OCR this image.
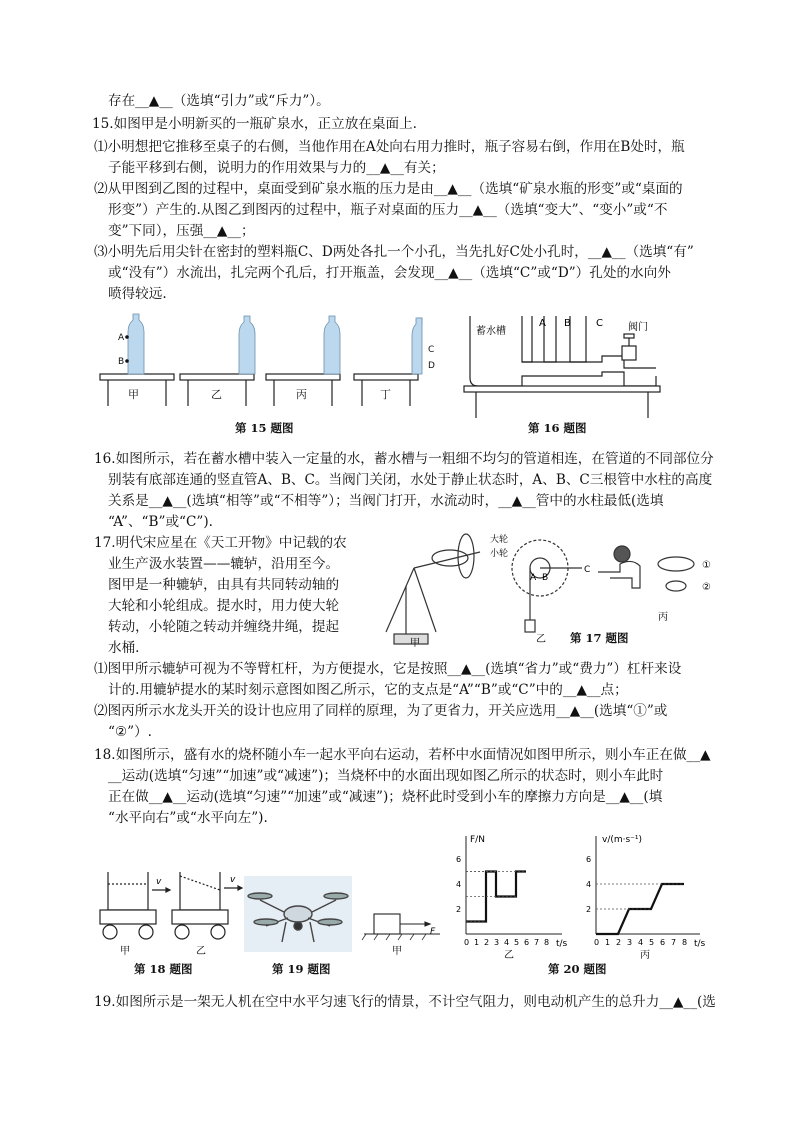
存在__▲__（选填“引力”或“斥力”）。
15.如图甲是小明新买的一瓶矿泉水，正立放在桌面上.
⑴小明想把它推移至桌子的右侧，当他作用在A处向右用力推时，瓶子容易右倒，作用在B处时，瓶
子能平移到右侧，说明力的作用效果与力的__▲__有关；
⑵从甲图到乙图的过程中，桌面受到矿泉水瓶的压力是由__▲__（选填“矿泉水瓶的形变”或“桌面的
形变”）产生的.从图乙到图丙的过程中，瓶子对桌面的压力__▲__（选填“变大”、“变小”或“不
变”下同），压强__▲__；
⑶小明先后用尖针在密封的塑料瓶C、D两处各扎一个小孔，当先扎好C处小孔时，__▲__（选填“有”
或“没有”）水流出，扎完两个孔后，打开瓶盖，会发现__▲__（选填“C”或“D”）孔处的水向外
喷得较远.
A
B
C
D
甲	乙	丙	丁
第 15 题图
蓄水槽
A B	C	阀门
第 16 题图
16.如图所示，若在蓄水槽中装入一定量的水，蓄水槽与一粗细不均匀的管道相连，在管道的不同部位分
别装有底部连通的竖直管A、B、C。当阀门关闭，水处于静止状态时，A、B、C三根管中水柱的高度
关系是__▲__(选填“相等”或“不相等”）；当阀门打开，水流动时，__▲__管中的水柱最低(选填
“A”、“B”或“C”).
17.明代宋应星在《天工开物》中记载的农
业生产汲水装置——辘轳，沿用至今。
图甲是一种辘轳，由具有共同转动轴的
大轮和小轮组成。提水时，用力使大轮
转动，小轮随之转动并缠绕井绳，提起
水桶.
大轮
小轮
A B
C
甲	乙
丙
①
②
第 17 题图
⑴图甲所示辘轳可视为不等臂杠杆，为方便提水，它是按照__▲__(选填“省力”或“费力”）杠杆来设
计的.用辘轳提水的某时刻示意图如图乙所示，它的支点是“A”“B”或“C”中的__▲__点；
⑵图丙所示水龙头开关的设计也应用了同样的原理，为了更省力，开关应选用__▲__(选填“①”或
“②”）.
18.如图所示，盛有水的烧杯随小车一起水平向右运动，若杯中水面情况如图甲所示，则小车正在做__▲
__运动(选填“匀速”“加速”或“减速”)；当烧杯中的水面出现如图乙所示的状态时，则小车此时
正在做__▲__运动(选填“匀速”“加速”或“减速”)；烧杯此时受到小车的摩擦力方向是__▲__(填
“水平向右”或“水平向左”).
v	v
甲	乙
第 18 题图	第 19 题图
F
甲
F/N
t/s
2
4
6
0 1 2 3 4 5 6 7 8
乙
v/(m·s⁻¹)
t/s
2
4
6
0 1 2 3 4 5 6 7 8
丙
第 20 题图
19.如图所示是一架无人机在空中水平匀速飞行的情景，不计空气阻力，则电动机产生的总升力__▲__(选
